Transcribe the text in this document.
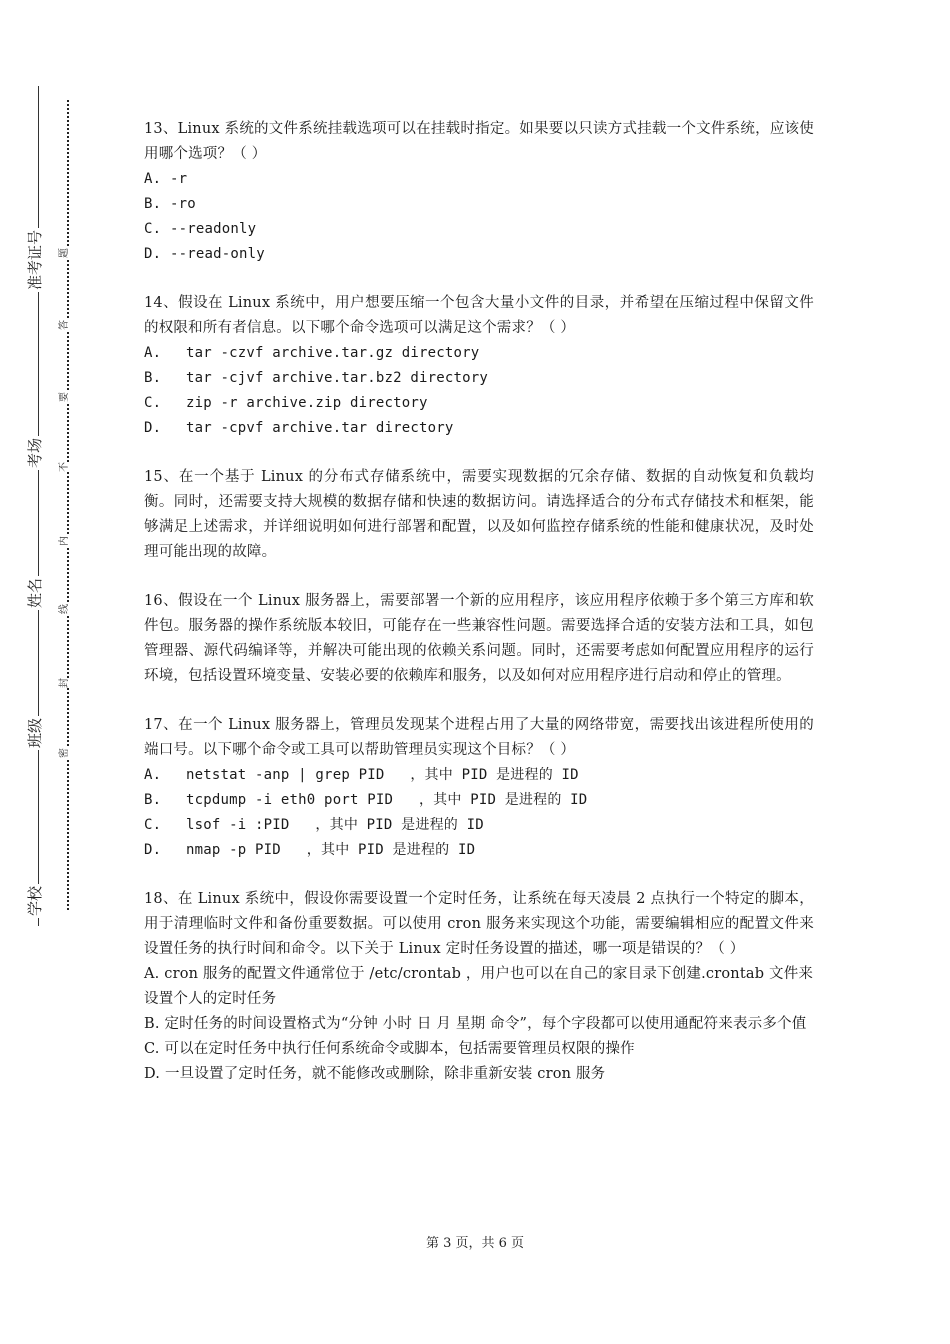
准考证号
考场
姓名
班级
学校
题
答
要
不
内
线
封
密

13、Linux 系统的文件系统挂载选项可以在挂载时指定。如果要以只读方式挂载一个文件系统，应该使用哪个选项？（ ）

A. -r

B. -ro

C. --readonly

D. --read-only

14、假设在 Linux 系统中，用户想要压缩一个包含大量小文件的目录，并希望在压缩过程中保留文件的权限和所有者信息。以下哪个命令选项可以满足这个需求？（ ）

A. tar -czvf archive.tar.gz directory

B. tar -cjvf archive.tar.bz2 directory

C. zip -r archive.zip directory

D. tar -cpvf archive.tar directory

15、在一个基于 Linux 的分布式存储系统中，需要实现数据的冗余存储、数据的自动恢复和负载均衡。同时，还需要支持大规模的数据存储和快速的数据访问。请选择适合的分布式存储技术和框架，能够满足上述需求，并详细说明如何进行部署和配置，以及如何监控存储系统的性能和健康状况，及时处理可能出现的故障。

16、假设在一个 Linux 服务器上，需要部署一个新的应用程序，该应用程序依赖于多个第三方库和软件包。服务器的操作系统版本较旧，可能存在一些兼容性问题。需要选择合适的安装方法和工具，如包管理器、源代码编译等，并解决可能出现的依赖关系问题。同时，还需要考虑如何配置应用程序的运行环境，包括设置环境变量、安装必要的依赖库和服务，以及如何对应用程序进行启动和停止的管理。

17、在一个 Linux 服务器上，管理员发现某个进程占用了大量的网络带宽，需要找出该进程所使用的端口号。以下哪个命令或工具可以帮助管理员实现这个目标？（ ）

A. netstat -anp | grep PID   ，其中 PID 是进程的 ID

B. tcpdump -i eth0 port PID   ，其中 PID 是进程的 ID

C. lsof -i :PID   ，其中 PID 是进程的 ID

D. nmap -p PID   ，其中 PID 是进程的 ID

18、在 Linux 系统中，假设你需要设置一个定时任务，让系统在每天凌晨 2 点执行一个特定的脚本，用于清理临时文件和备份重要数据。可以使用 cron 服务来实现这个功能，需要编辑相应的配置文件来设置任务的执行时间和命令。以下关于 Linux 定时任务设置的描述，哪一项是错误的？（ ）

A. cron 服务的配置文件通常位于 /etc/crontab ，用户也可以在自己的家目录下创建.crontab 文件来设置个人的定时任务

B. 定时任务的时间设置格式为“分钟 小时 日 月 星期 命令”，每个字段都可以使用通配符来表示多个值

C. 可以在定时任务中执行任何系统命令或脚本，包括需要管理员权限的操作

D. 一旦设置了定时任务，就不能修改或删除，除非重新安装 cron 服务

第 3 页，共 6 页
